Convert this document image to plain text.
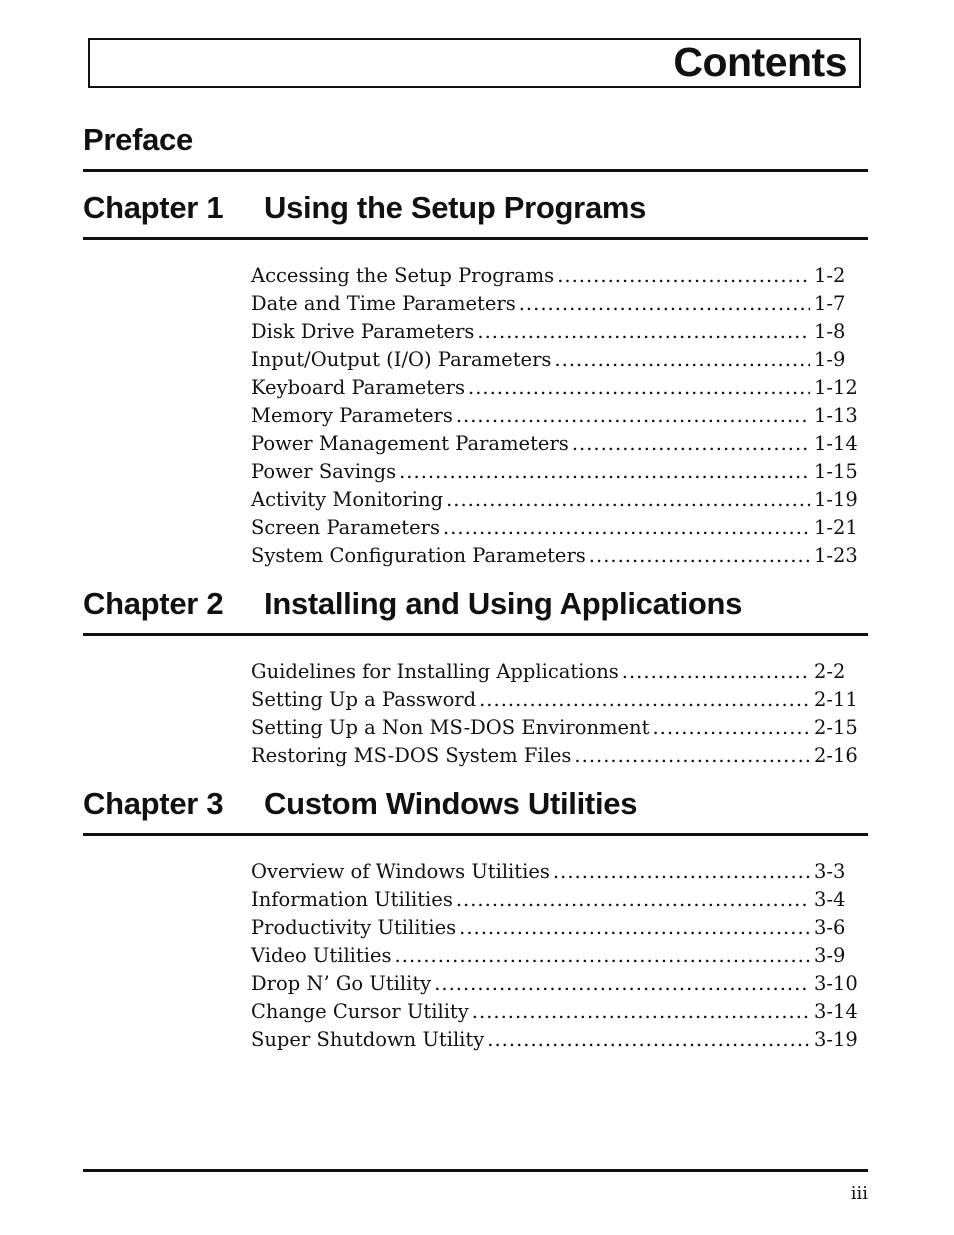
Contents
Preface
Chapter 1 Using the Setup Programs
Accessing the Setup Programs .....	1-2
Date and Time Parameters .....	1-7
Disk Drive Parameters .....	1-8
Input/Output (I/O) Parameters .....	1-9
Keyboard Parameters .....	1-12
Memory Parameters .....	1-13
Power Management Parameters .....	1-14
Power Savings .....	1-15
Activity Monitoring .....	1-19
Screen Parameters .....	1-21
System Configuration Parameters .....	1-23
Chapter 2 Installing and Using Applications
Guidelines for Installing Applications .....	2-2
Setting Up a Password .....	2-11
Setting Up a Non MS-DOS Environment .....	2-15
Restoring MS-DOS System Files .....	2-16
Chapter 3 Custom Windows Utilities
Overview of Windows Utilities .....	3-3
Information Utilities .....	3-4
Productivity Utilities .....	3-6
Video Utilities .....	3-9
Drop N’ Go Utility .....	3-10
Change Cursor Utility .....	3-14
Super Shutdown Utility .....	3-19
iii
